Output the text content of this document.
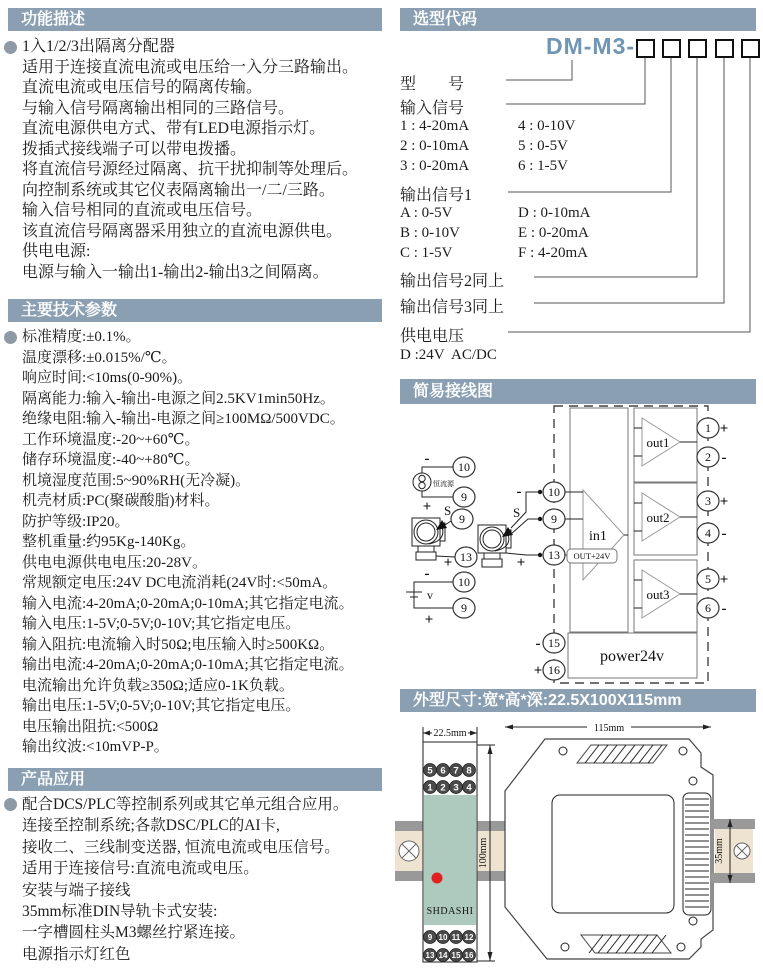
功能描述
1入1/2/3出隔离分配器
适用于连接直流电流或电压给一入分三路输出。
直流电流或电压信号的隔离传输。
与输入信号隔离输出相同的三路信号。
直流电源供电方式、带有LED电源指示灯。
拨插式接线端子可以带电拨播。
将直流信号源经过隔离、抗干扰抑制等处理后。
向控制系统或其它仪表隔离输出一/二/三路。
输入信号相同的直流或电压信号。
该直流信号隔离器采用独立的直流电源供电。
供电电源:
电源与输入一输出1-输出2-输出3之间隔离。
主要技术参数
标准精度:±0.1%。
温度漂移:±0.015%/℃。
响应时间:<10ms(0-90%)。
隔离能力:输入-输出-电源之间2.5KV1min50Hz。
绝缘电阻:输入-输出-电源之间≥100MΩ/500VDC。
工作环境温度:-20~+60℃。
储存环境温度:-40~+80℃。
机境湿度范围:5~90%RH(无冷凝)。
机壳材质:PC(聚碳酸脂)材料。
防护等级:IP20。
整机重量:约95Kg-140Kg。
供电电源供电电压:20-28V。
常规额定电压:24V DC电流消耗(24V时:<50mA。
输入电流:4-20mA;0-20mA;0-10mA;其它指定电流。
输入电压:1-5V;0-5V;0-10V;其它指定电压。
输入阻抗:电流输入时50Ω;电压输入时≥500KΩ。
输出电流:4-20mA;0-20mA;0-10mA;其它指定电流。
电流输出允许负载≥350Ω;适应0-1K负载。
输出电压:1-5V;0-5V;0-10V;其它指定电压。
电压输出阻抗:<500Ω
输出纹波:<10mVP-P。
产品应用
配合DCS/PLC等控制系列或其它单元组合应用。
连接至控制系统;各款DSC/PLC的AI卡,
接收二、三线制变送器, 恒流电流或电压信号。
适用于连接信号:直流电流或电压。
安装与端子接线
35mm标准DIN导轨卡式安装:
一字槽圆柱头M3螺丝拧紧连接。
电源指示灯红色
选型代码
DM-M3-
型　　号
输入信号
1 : 4-20mA	4 : 0-10V
2 : 0-10mA	5 : 0-5V
3 : 0-20mA	6 : 1-5V
输出信号1
A : 0-5V	D : 0-10mA
B : 0-10V	E : 0-20mA
C : 1-5V	F : 4-20mA
输出信号2同上
输出信号3同上
供电电压
D :24V  AC/DC
简易接线图
in1
OUT+24V
out1
out2
out3
power24v
1 +
2 -
3 +
4 -
5 +
6 -
10
9
13
15
-
16
+
-
S
+
恒流源
10
9
-
+ S
9
13
+
v
10
9
-
+
外型尺寸:宽*高*深:22.5X100X115mm
SHDASHI
5 6 7 8
1 2 3 4
9 10 11 12
13 14 15 16
22.5mm
100mm
115mm
35mm
